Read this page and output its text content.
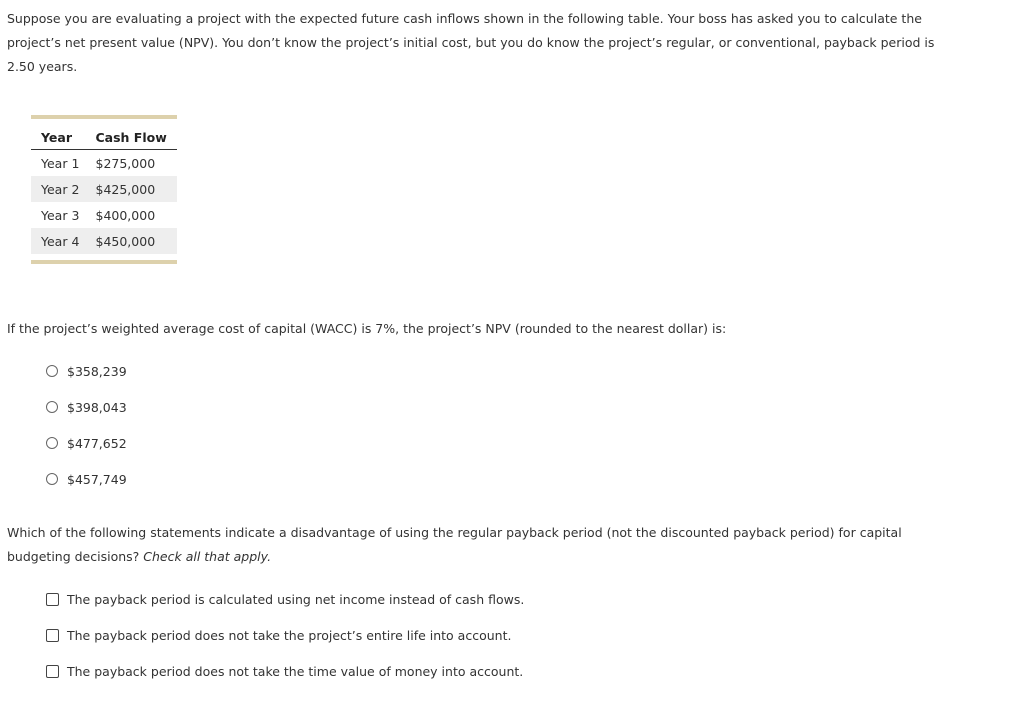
Suppose you are evaluating a project with the expected future cash inflows shown in the following table. Your boss has asked you to calculate the

project’s net present value (NPV). You don’t know the project’s initial cost, but you do know the project’s regular, or conventional, payback period is

2.50 years.

Year	Cash Flow
Year 1	$275,000
Year 2	$425,000
Year 3	$400,000
Year 4	$450,000

If the project’s weighted average cost of capital (WACC) is 7%, the project’s NPV (rounded to the nearest dollar) is:

$358,239
$398,043
$477,652
$457,749
Which of the following statements indicate a disadvantage of using the regular payback period (not the discounted payback period) for capital
budgeting decisions? Check all that apply.
The payback period is calculated using net income instead of cash flows.
The payback period does not take the project’s entire life into account.
The payback period does not take the time value of money into account.
